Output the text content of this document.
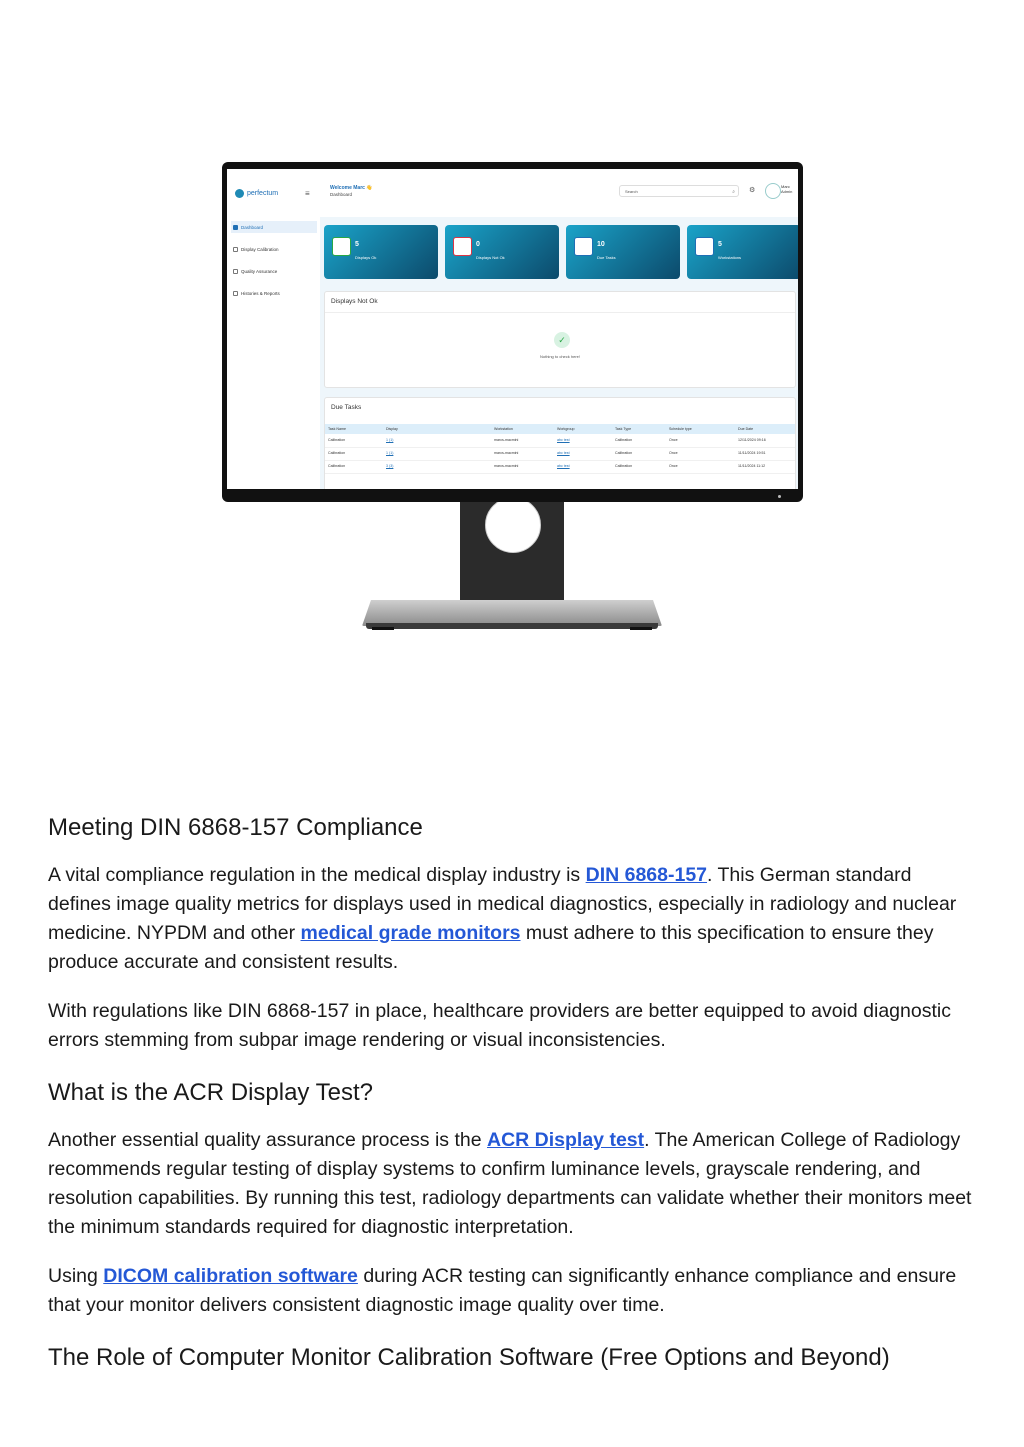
perfectum	≡
Welcome Marc 👋
Dashboard
Search	⌕ ⚙
Marc
Admin
Dashboard
Display Calibration
Quality Assurance
Histories & Reports
5
Displays Ok
0
Displays Not Ok
10
Due Tasks
5
Workstations
Displays Not Ok
✓
Nothing to check here!
Due Tasks
Task Name	Display	Workstation	Workgroup	Task Type	Schedule type	Due Date
Calibration	1 (1)	marcs-macmini	abc test	Calibration	Once	12/11/2024 09:16
Calibration	1 (1)	marcs-macmini	abc test	Calibration	Once	11/11/2024 19:51
Calibration	3 (3)	marcs-macmini	abc test	Calibration	Once	11/11/2024 11:12
Meeting DIN 6868-157 Compliance

A vital compliance regulation in the medical display industry is DIN 6868-157. This German standard defines image quality metrics for displays used in medical diagnostics, especially in radiology and nuclear medicine. NYPDM and other medical grade monitors must adhere to this specification to ensure they produce accurate and consistent results.

With regulations like DIN 6868-157 in place, healthcare providers are better equipped to avoid diagnostic errors stemming from subpar image rendering or visual inconsistencies.

What is the ACR Display Test?

Another essential quality assurance process is the ACR Display test. The American College of Radiology recommends regular testing of display systems to confirm luminance levels, grayscale rendering, and resolution capabilities. By running this test, radiology departments can validate whether their monitors meet the minimum standards required for diagnostic interpretation.

Using DICOM calibration software during ACR testing can significantly enhance compliance and ensure that your monitor delivers consistent diagnostic image quality over time.

The Role of Computer Monitor Calibration Software (Free Options and Beyond)
